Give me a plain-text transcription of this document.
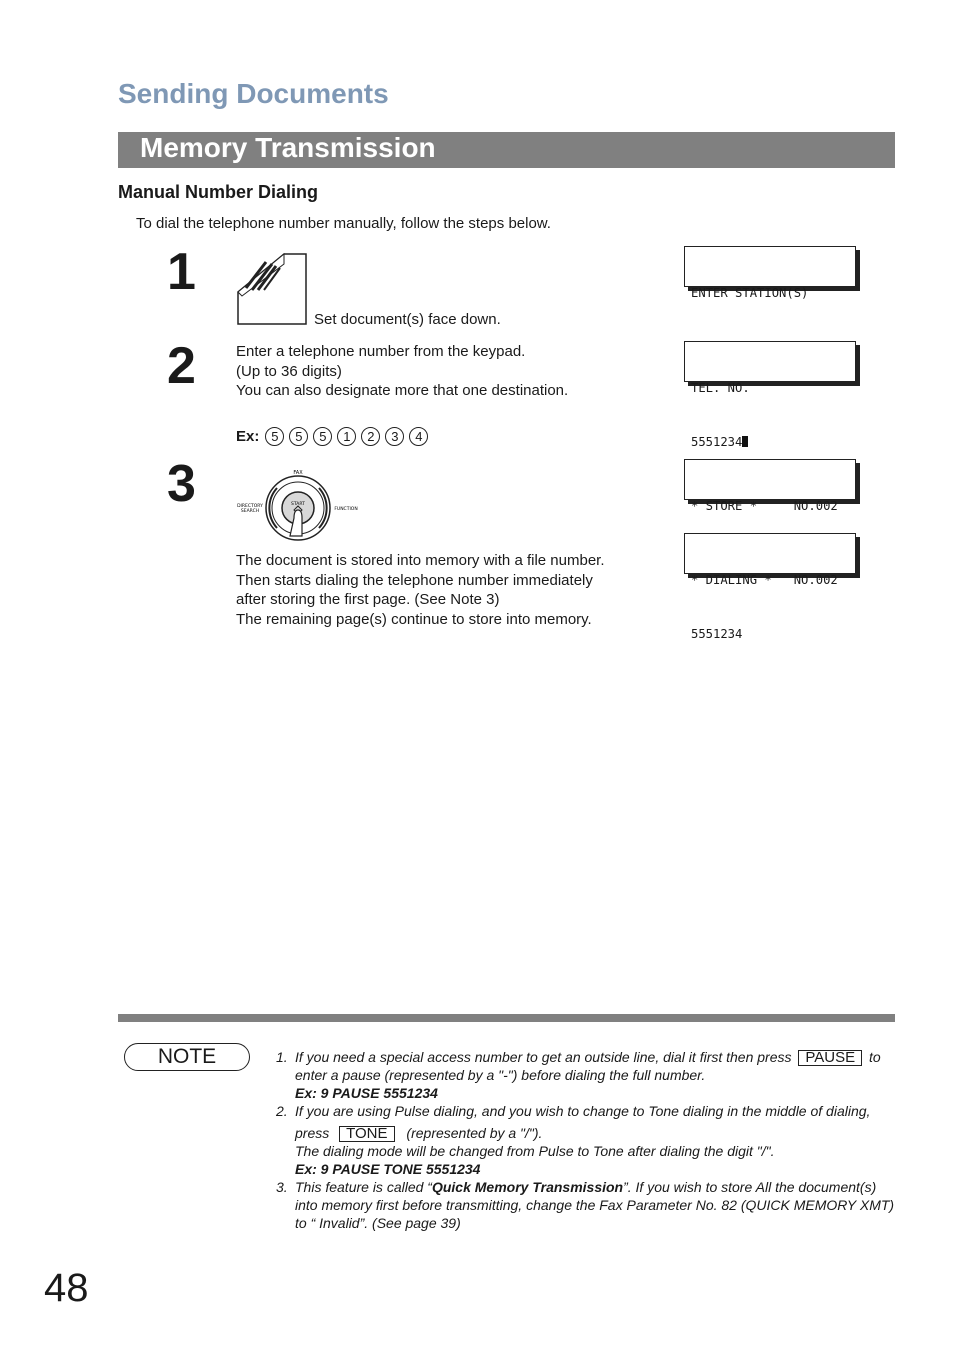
Sending Documents
Memory Transmission
Manual Number Dialing
To dial the telephone number manually, follow the steps below.
1
Set document(s) face down.

ENTER STATION(S)

2	Enter a telephone number from the keypad.
(Up to 36 digits)
You can also designate more that one destination.

	TEL. NO.

5551234

Ex: 5 5 5 1 2 3 4
3	FAX
DIRECTORY
SEARCH	FUNCTION
START
The document is stored into memory with a file number.
Then starts dialing the telephone number immediately
after storing the first page. (See Note 3)
The remaining page(s) continue to store into memory.

* STORE *     NO.002

* DIALING *   NO.002

5551234

NOTE	1. If you need a special access number to get an outside line, dial it first then press PAUSE to enter a pause (represented by a "-") before dialing the full number.
Ex: 9 PAUSE 5551234
2. If you are using Pulse dialing, and you wish to change to Tone dialing in the middle of dialing,
press TONE (represented by a "/").
The dialing mode will be changed from Pulse to Tone after dialing the digit "/".
Ex: 9 PAUSE TONE 5551234
3. This feature is called “Quick Memory Transmission”. If you wish to store All the document(s) into memory first before transmitting, change the Fax Parameter No. 82 (QUICK MEMORY XMT) to “ Invalid”. (See page 39)
48
